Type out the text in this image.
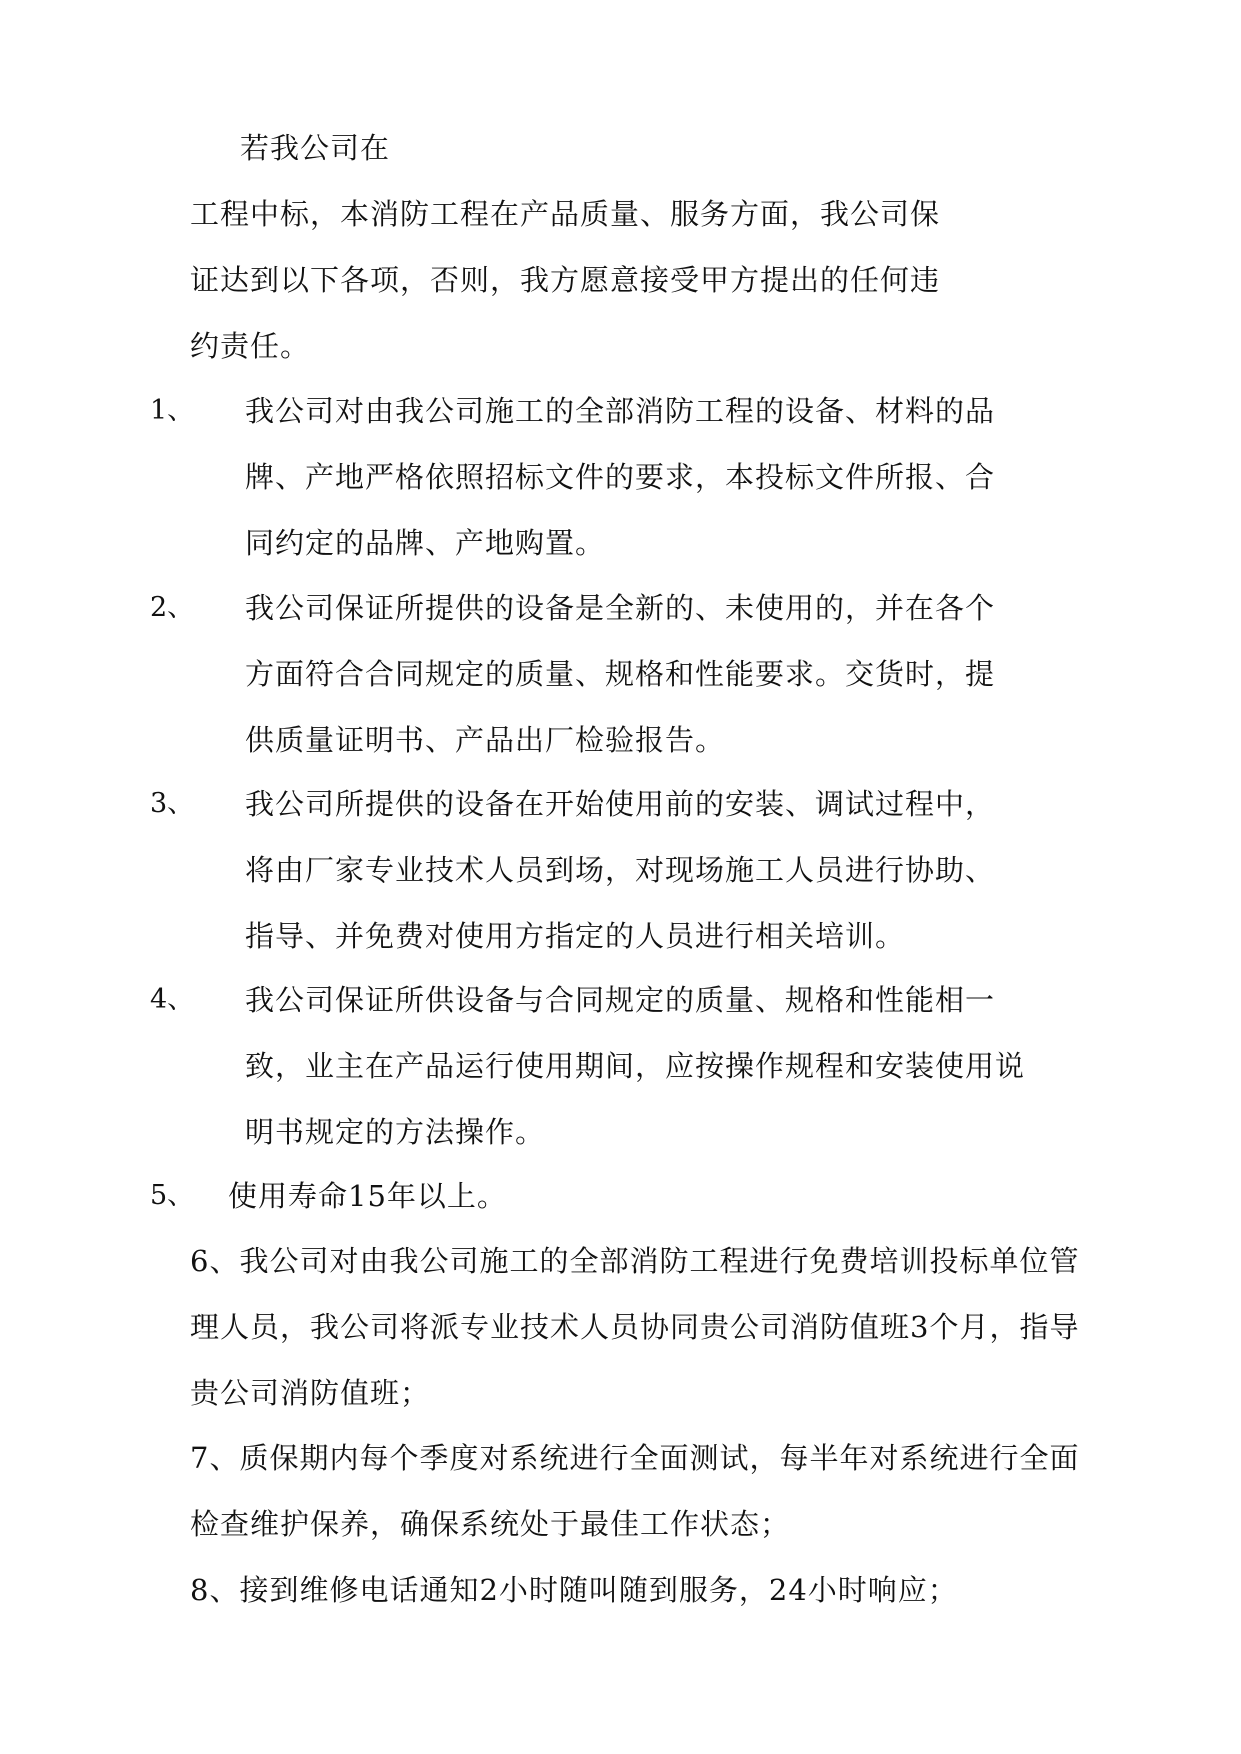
若我公司在
工程中标，本消防工程在产品质量、服务方面，我公司保
证达到以下各项，否则，我方愿意接受甲方提出的任何违
约责任。
1、 我公司对由我公司施工的全部消防工程的设备、材料的品
牌、产地严格依照招标文件的要求，本投标文件所报、合
同约定的品牌、产地购置。
2、 我公司保证所提供的设备是全新的、未使用的，并在各个
方面符合合同规定的质量、规格和性能要求。交货时，提
供质量证明书、产品出厂检验报告。
3、 我公司所提供的设备在开始使用前的安装、调试过程中，
将由厂家专业技术人员到场，对现场施工人员进行协助、
指导、并免费对使用方指定的人员进行相关培训。
4、 我公司保证所供设备与合同规定的质量、规格和性能相一
致，业主在产品运行使用期间，应按操作规程和安装使用说
明书规定的方法操作。
5、 使用寿命15年以上。
6、我公司对由我公司施工的全部消防工程进行免费培训投标单位管
理人员，我公司将派专业技术人员协同贵公司消防值班3个月，指导
贵公司消防值班；
7、质保期内每个季度对系统进行全面测试，每半年对系统进行全面
检查维护保养，确保系统处于最佳工作状态；
8、接到维修电话通知2小时随叫随到服务，24小时响应；
